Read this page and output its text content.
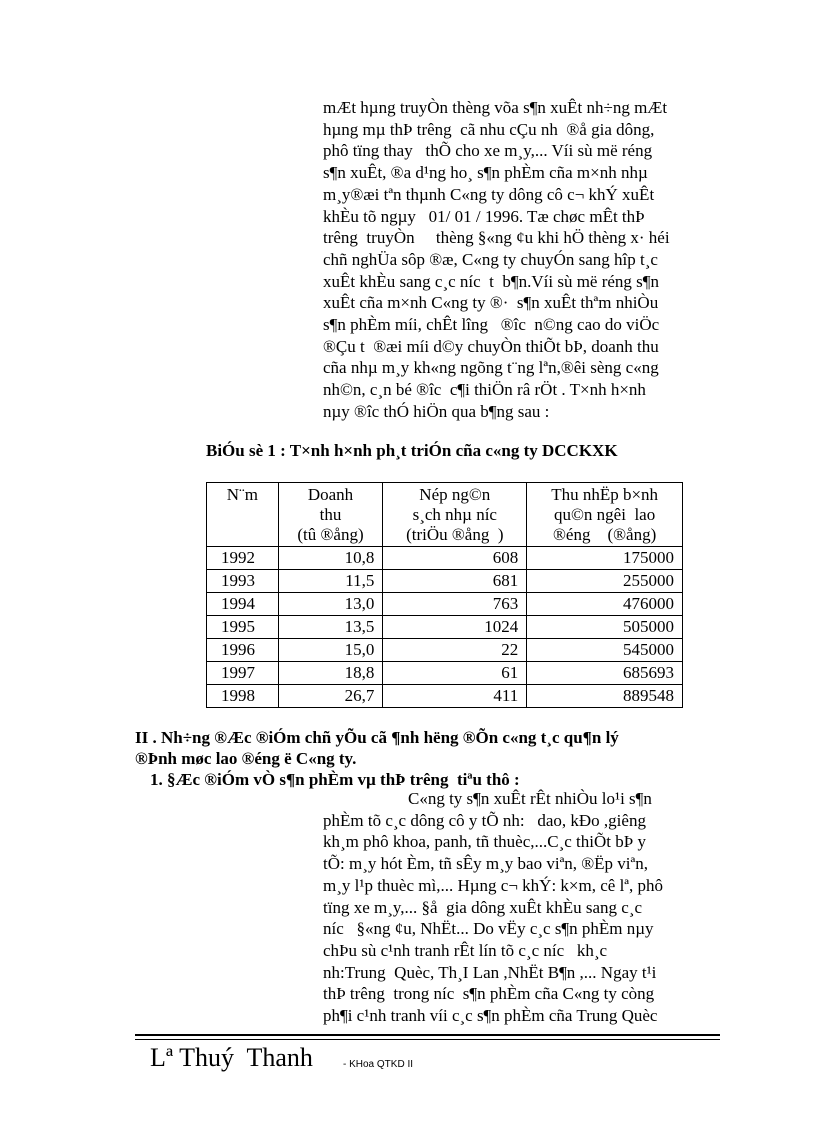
mÆt hµng truyÒn thèng võa s¶n xuÊt nh÷ng mÆt
hµng mµ thÞ trêng  cã nhu cÇu nh  ®å gia dông,
phô tïng thay   thÕ cho xe m¸y,... Víi sù më réng
s¶n xuÊt, ®a d¹ng ho¸ s¶n phÈm cña m×nh nhµ
m¸y®æi tªn thµnh C«ng ty dông cô c¬ khÝ xuÊt
khÈu tõ ngµy   01/ 01 / 1996. Tæ chøc mÊt thÞ
trêng  truyÒn     thèng §«ng ¢u khi hÖ thèng x· héi
chñ nghÜa sôp ®æ, C«ng ty chuyÓn sang hîp t¸c
xuÊt khÈu sang c¸c níc  t  b¶n.Víi sù më réng s¶n
xuÊt cña m×nh C«ng ty ®·  s¶n xuÊt thªm nhiÒu
s¶n phÈm míi, chÊt lîng   ®îc  n©ng cao do viÖc
®Çu t  ®æi míi d©y chuyÒn thiÕt bÞ, doanh thu
cña nhµ m¸y kh«ng ngõng t¨ng lªn,®êi sèng c«ng
nh©n, c¸n bé ®îc  c¶i thiÖn râ rÖt . T×nh h×nh
nµy ®îc thÓ hiÖn qua b¶ng sau :

BiÓu sè 1 : T×nh h×nh ph¸t triÓn cña c«ng ty DCCKXK
N¨m	Doanh
thu
(tû ®ång)	Nép ng©n
s¸ch nhµ níc
(triÖu ®ång  )	Thu nhËp b×nh
qu©n ngêi  lao
®éng    (®ång)
1992	10,8	608	175000
1993	11,5	681	255000
1994	13,0	763	476000
1995	13,5	1024	505000
1996	15,0	22	545000
1997	18,8	61	685693
1998	26,7	411	889548

II . Nh÷ng ®Æc ®iÓm chñ yÕu cã ¶nh hëng ®Õn c«ng t¸c qu¶n lý
®Þnh møc lao ®éng ë C«ng ty.

1. §Æc ®iÓm vÒ s¶n phÈm vµ thÞ trêng  tiªu thô :

C«ng ty s¶n xuÊt rÊt nhiÒu lo¹i s¶n
phÈm tõ c¸c dông cô y tÕ nh:   dao, kÐo ,giêng
kh¸m phô khoa, panh, tñ thuèc,...C¸c thiÕt bÞ y
tÕ: m¸y hót Èm, tñ sÊy m¸y bao viªn, ®Ëp viªn,
m¸y l¹p thuèc mì,... Hµng c¬ khÝ: k×m, cê lª, phô
tïng xe m¸y,... §å  gia dông xuÊt khÈu sang c¸c
níc   §«ng ¢u, NhËt... Do vËy c¸c s¶n phÈm nµy
chÞu sù c¹nh tranh rÊt lín tõ c¸c níc   kh¸c
nh:Trung  Quèc, Th¸I Lan ,NhËt B¶n ,... Ngay t¹i
thÞ trêng  trong níc  s¶n phÈm cña C«ng ty còng
ph¶i c¹nh tranh víi c¸c s¶n phÈm cña Trung Quèc

Lª Thuý  Thanh	- KHoa QTKD II
